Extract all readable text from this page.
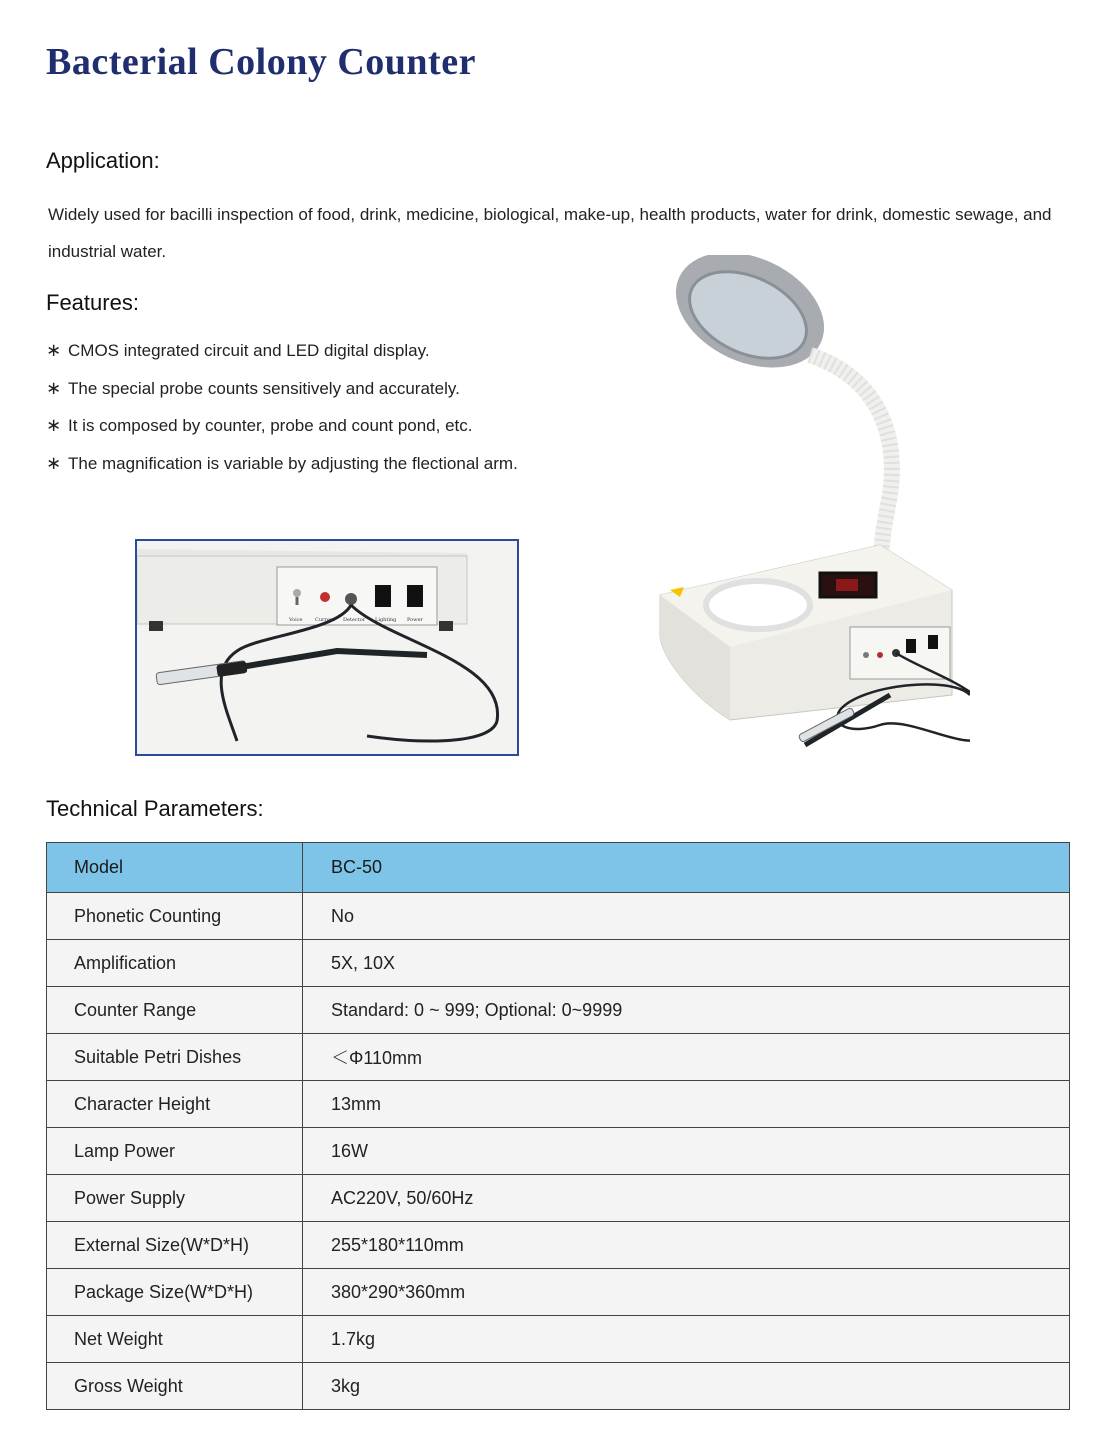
Bacterial Colony Counter
Application:

Widely used for bacilli inspection of food, drink, medicine, biological, make-up, health products, water for drink, domestic sewage, and industrial water.

Features:
∗ CMOS integrated circuit and LED digital display.
∗ The special probe counts sensitively and accurately.
∗ It is composed by counter, probe and count pond, etc.
∗ The magnification is variable by adjusting the flectional arm.
Voice Current Detector Lighting Power
Technical Parameters:
Model	BC-50
Phonetic Counting	No
Amplification	5X, 10X
Counter Range	Standard: 0 ~ 999; Optional: 0~9999
Suitable Petri Dishes	＜Φ110mm
Character Height	13mm
Lamp Power	16W
Power Supply	AC220V, 50/60Hz
External Size(W*D*H)	255*180*110mm
Package Size(W*D*H)	380*290*360mm
Net Weight	1.7kg
Gross Weight	3kg
